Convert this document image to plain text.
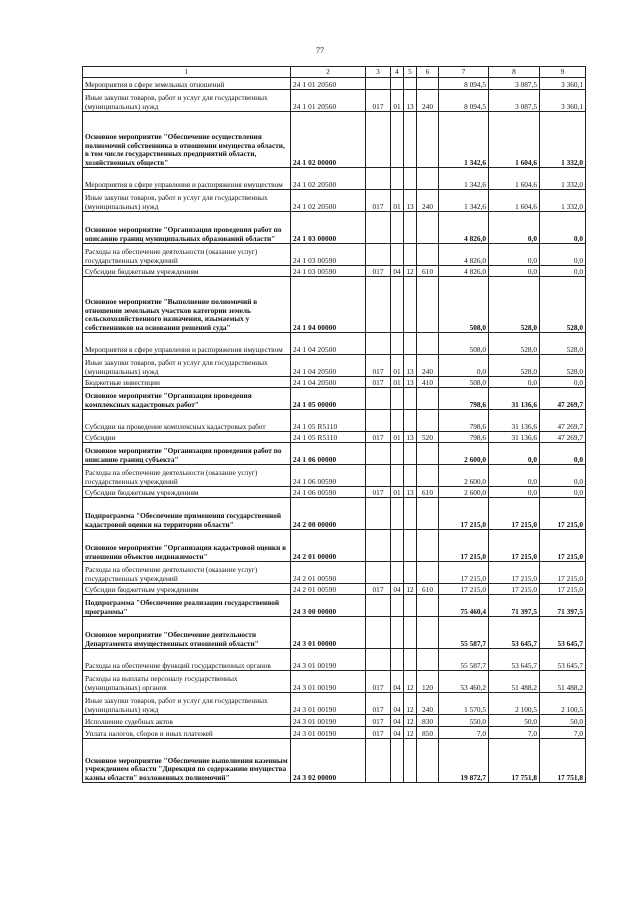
77
1	2	3	4	5	6	7	8	9
Мероприятия в сфере земельных отношений	24 1 01 20560					8 094,5	3 087,5	3 360,1
Иные закупки товаров, работ и услуг для государственных (муниципальных) нужд	24 1 01 20560	017	01	13	240	8 094,5	3 087,5	3 360,1
Основное мероприятие "Обеспечение осуществления полномочий собственника в отношении имущества области, в том числе государственных предприятий области, хозяйственных обществ"	24 1 02 00000					1 342,6	1 604,6	1 332,0
Мероприятия в сфере управления и распоряжения имуществом	24 1 02 20500					1 342,6	1 604,6	1 332,0
Иные закупки товаров, работ и услуг для государственных (муниципальных) нужд	24 1 02 20500	017	01	13	240	1 342,6	1 604,6	1 332,0
Основное мероприятие "Организация проведения работ по описанию границ муниципальных образований области"	24 1 03 00000					4 826,0	0,0	0,0
Расходы на обеспечение деятельности (оказание услуг) государственных учреждений	24 1 03 00590					4 826,0	0,0	0,0
Субсидии бюджетным учреждениям	24 1 03 00590	017	04	12	610	4 826,0	0,0	0,0
Основное мероприятие "Выполнение полномочий в отношении земельных участков категории земель сельскохозяйственного назначения, изымаемых у собственников на основании решений суда"	24 1 04 00000					508,0	528,0	528,0
Мероприятия в сфере управления и распоряжения имуществом	24 1 04 20500					508,0	528,0	528,0
Иные закупки товаров, работ и услуг для государственных (муниципальных) нужд	24 1 04 20500	017	01	13	240	0,0	528,0	528,0
Бюджетные инвестиции	24 1 04 20500	017	01	13	410	508,0	0,0	0,0
Основное мероприятие "Организация проведения комплексных кадастровых работ"	24 1 05 00000					798,6	31 136,6	47 269,7
Субсидии на проведение комплексных кадастровых работ	24 1 05 R5110					798,6	31 136,6	47 269,7
Субсидии	24 1 05 R5110	017	01	13	520	798,6	31 136,6	47 269,7
Основное мероприятие "Организация проведения работ по описанию границ субъекта"	24 1 06 00000					2 600,0	0,0	0,0
Расходы на обеспечение деятельности (оказание услуг) государственных учреждений	24 1 06 00590					2 600,0	0,0	0,0
Субсидии бюджетным учреждениям	24 1 06 00590	017	01	13	610	2 600,0	0,0	0,0
Подпрограмма "Обеспечение применения государственной кадастровой оценки на территории области"	24 2 00 00000					17 215,0	17 215,0	17 215,0
Основное мероприятие "Организация кадастровой оценки в отношении объектов недвижимости"	24 2 01 00000					17 215,0	17 215,0	17 215,0
Расходы на обеспечение деятельности (оказание услуг) государственных учреждений	24 2 01 00590					17 215,0	17 215,0	17 215,0
Субсидии бюджетным учреждениям	24 2 01 00590	017	04	12	610	17 215,0	17 215,0	17 215,0
Подпрограмма "Обеспечение реализации государственной программы"	24 3 00 00000					75 460,4	71 397,5	71 397,5
Основное мероприятие "Обеспечение деятельности Департамента имущественных отношений области"	24 3 01 00000					55 587,7	53 645,7	53 645,7
Расходы на обеспечение функций государственных органов	24 3 01 00190					55 587,7	53 645,7	53 645,7
Расходы на выплаты персоналу государственных (муниципальных) органов	24 3 01 00190	017	04	12	120	53 460,2	51 488,2	51 488,2
Иные закупки товаров, работ и услуг для государственных (муниципальных) нужд	24 3 01 00190	017	04	12	240	1 570,5	2 100,5	2 100,5
Исполнение судебных актов	24 3 01 00190	017	04	12	830	550,0	50,0	50,0
Уплата налогов, сборов и иных платежей	24 3 01 00190	017	04	12	850	7,0	7,0	7,0
Основное мероприятие "Обеспечение выполнения казенным учреждением области "Дирекция по содержанию имущества казны области" возложенных полномочий"	24 3 02 00000					19 872,7	17 751,8	17 751,8
